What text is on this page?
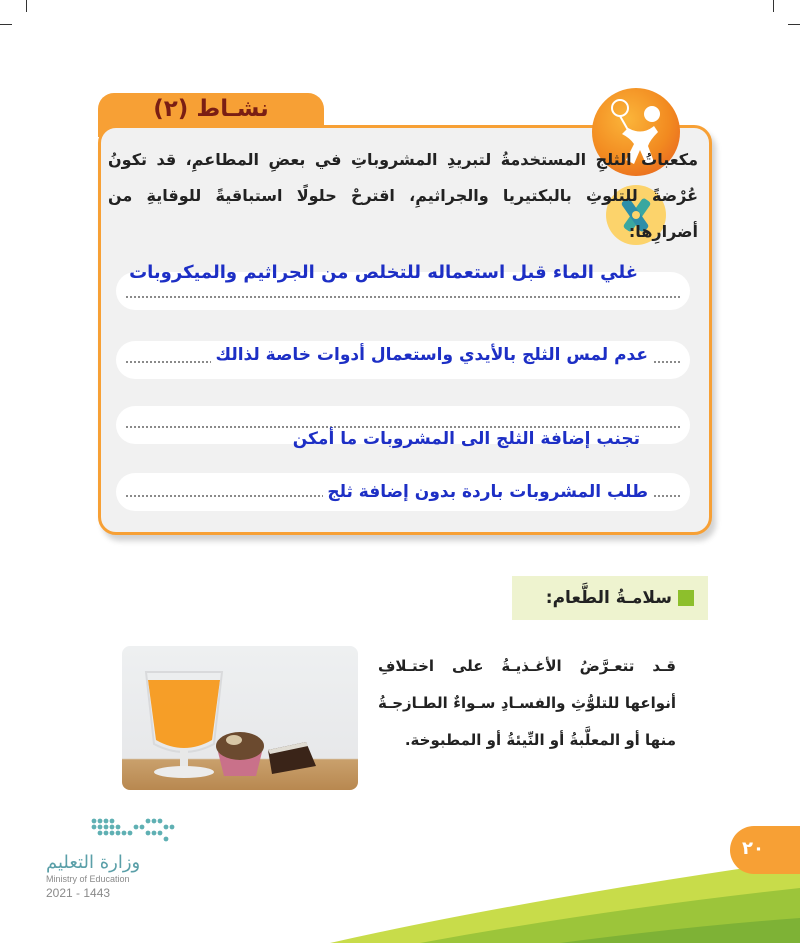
نشـاط (٢)
مكعباتُ الثلجِ المستخدمةُ لتبريدِ المشروباتِ في بعضِ المطاعمِ، قد تكونُ
عُرْضةً للتلوثِ بالبكتيريا والجراثيمِ، اقترحْ حلولًا استباقيةً للوقايةِ من
أضرارِها:
غلي الماء قبل استعماله للتخلص من الجراثيم والميكروبات
عدم لمس الثلج بالأيدي واستعمال أدوات خاصة لذالك
تجنب إضافة الثلج الى المشروبات ما أمكن
طلب المشروبات باردة بدون إضافة ثلج
سلامـةُ الطَّعام:
قـد تتعـرَّضُ الأغـذيـةُ على اختـلافِ أنواعها للتلوُّثِ والفسـادِ سـواءٌ الطـازجـةُ منها أو المعلَّبةُ أو النِّيئةُ أو المطبوخة.
٢٠
وزارة التعليم
Ministry of Education
2021 - 1443
